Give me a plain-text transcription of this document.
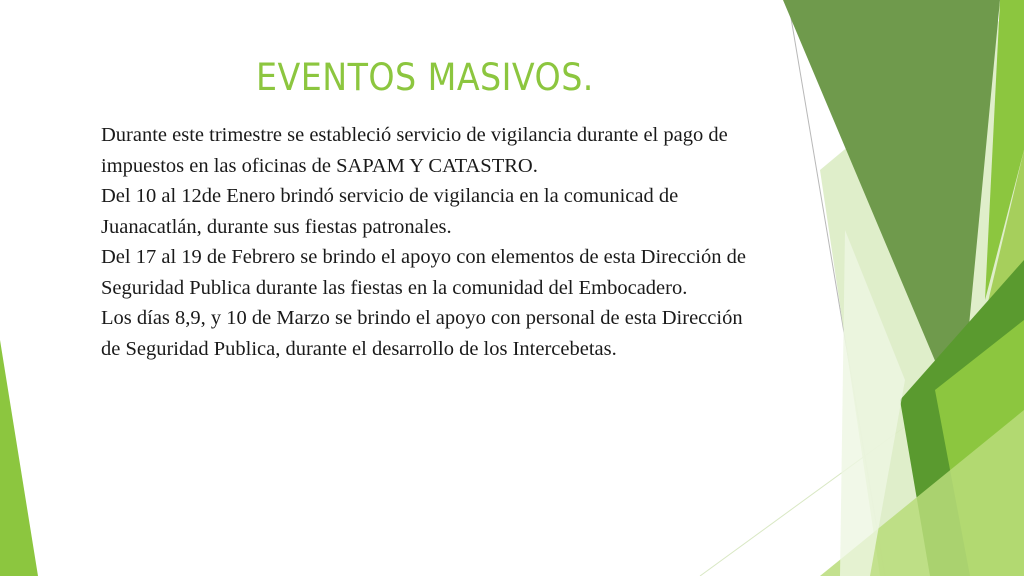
EVENTOS MASIVOS.

Durante este trimestre se estableció servicio de vigilancia durante el pago de impuestos en las oficinas de SAPAM Y CATASTRO.

Del 10 al 12de Enero brindó servicio de vigilancia en la comunicad de Juanacatlán, durante sus fiestas patronales.

Del 17 al 19 de Febrero se brindo el apoyo con elementos de esta Dirección de Seguridad Publica durante las fiestas en la comunidad del Embocadero.

Los días 8,9, y 10 de Marzo se brindo el apoyo con personal de esta Dirección de Seguridad Publica, durante el desarrollo de los Intercebetas.
